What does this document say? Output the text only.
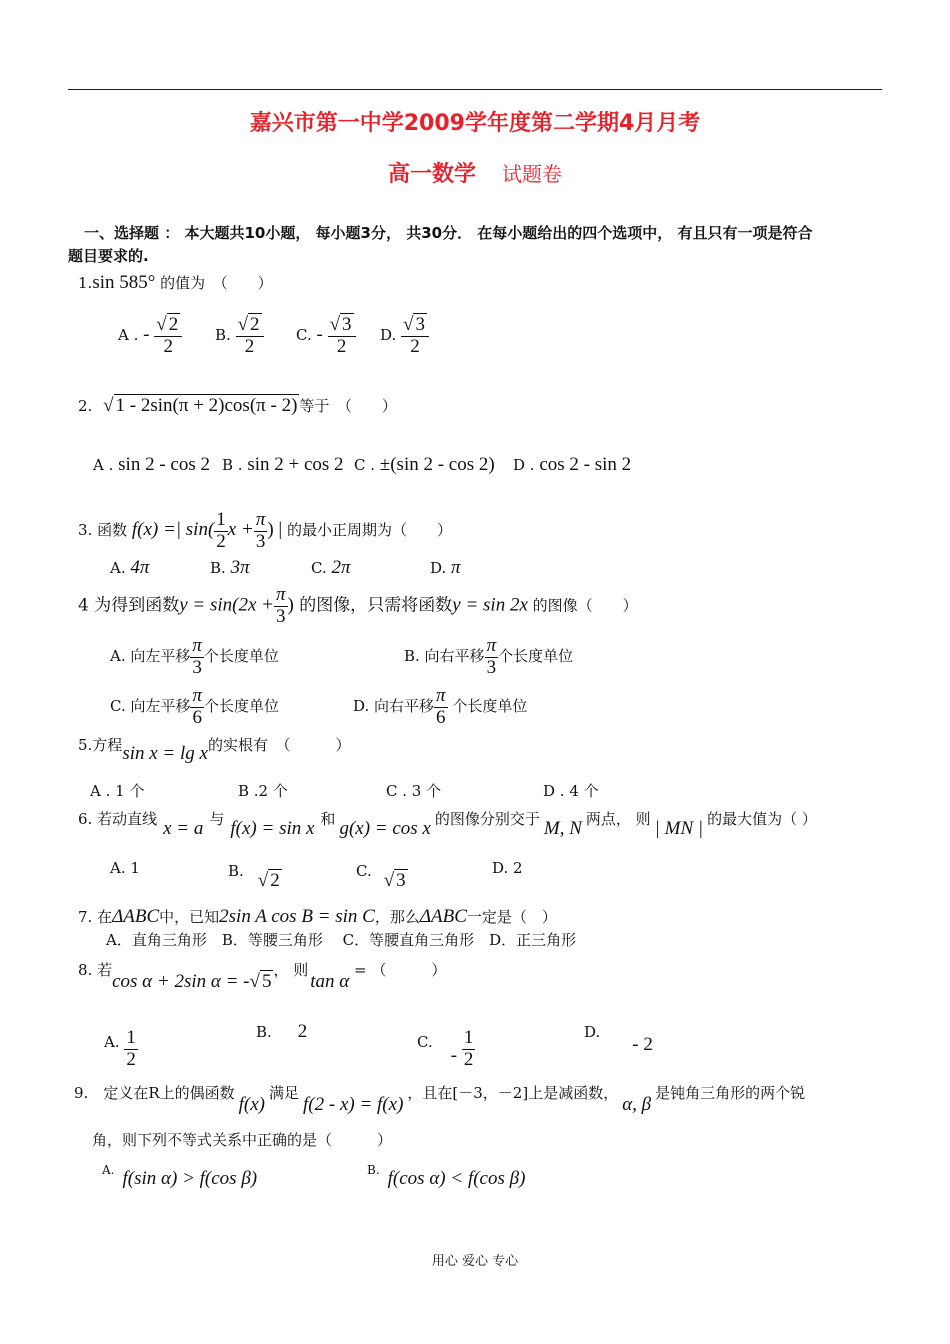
嘉兴市第一中学2009学年度第二学期4月月考
高一数学 试题卷
一、选择题 ： 本大题共10小题， 每小题3分， 共30分． 在每小题给出的四个选项中， 有且只有一项是符合
题目要求的.
1.sin 585° 的值为　（　　）
A . - $\frac{√ 2}{2} B$. $\frac{√ 2}{2} C$. - $\frac{√ 3}{2} D$. $\frac{√ 3}{2}$
2. √ 1 - 2sin(π + 2)cos(π - 2) 等于　（　　）
A . sin 2 - cos 2 B . sin 2 + cos 2 C . ±(sin 2 - cos 2) D . cos 2 - sin 2
3. 函数 f(x) =| $\sin( \frac{1}{2}$ $x + \frac{\pi}{3}$ ) | 的最小正周期为（　　）
A. 4π	B. 3π	C. 2π	D. π
4 为得到函数$y = \sin(2x + \frac{\pi}{3}$ ) 的图像，只需将函数y = sin 2x 的图像（　　）
A. 向左平移 $\frac{\pi}{3}$ 个长度单位	B. 向右平移 $\frac{\pi}{3}$ 个长度单位
C. 向左平移 $\frac{\pi}{6}$ 个长度单位	D. 向右平移 $\frac{\pi}{6}$ 个长度单位
5.方程sin x = lg x的实根有　（　　　）
A . 1 个	B .2 个	C . 3 个	D . 4 个
6. 若动直线 x = a 与 f(x) = sin x 和 g(x) = cos x 的图像分别交于 M, N 两点， 则 | MN | 的最大值为（ ）
A. 1	B. √ 2	C. √ 3
D. 2
7. 在ΔABC中，已知2sin A cos B = sin C，那么ΔABC一定是（　）
A．直角三角形　B．等腰三角形　 C．等腰直角三角形　D．正三角形
8. 若cos α + 2sin α = -√ 5， 则tan α = （　　　）
A. $\frac{1}{2}$	B. 2
$C.- \frac{1}{2}$	D.- 2
9.　 定义在R上的偶函数f(x)满足f(2 - x) = f(x)，且在[－3，－2]上是减函数，α, β是钝角三角形的两个锐
角，则下列不等式关系中正确的是（　　　）
A. f(sin α) > f(cos β)	B. f(cos α) < f(cos β)
用心 爱心 专心
